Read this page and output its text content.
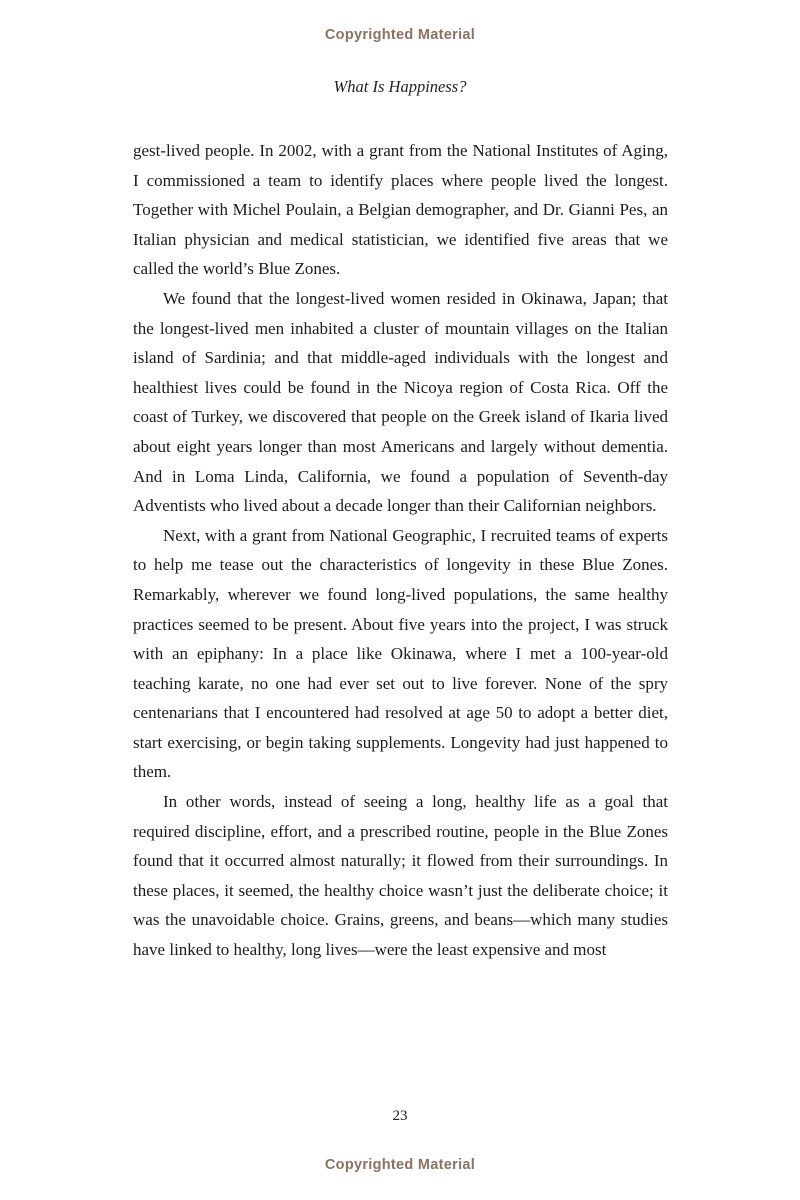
Copyrighted Material
What Is Happiness?

gest-lived people. In 2002, with a grant from the National Institutes of Aging, I commissioned a team to identify places where people lived the longest. Together with Michel Poulain, a Belgian demographer, and Dr. Gianni Pes, an Italian physician and medical statistician, we identified five areas that we called the world’s Blue Zones.

We found that the longest-lived women resided in Okinawa, Japan; that the longest-lived men inhabited a cluster of mountain villages on the Italian island of Sardinia; and that middle-aged individuals with the longest and healthiest lives could be found in the Nicoya region of Costa Rica. Off the coast of Turkey, we discovered that people on the Greek island of Ikaria lived about eight years longer than most Americans and largely without dementia. And in Loma Linda, California, we found a population of Seventh-day Adventists who lived about a decade longer than their Californian neighbors.

Next, with a grant from National Geographic, I recruited teams of experts to help me tease out the characteristics of longevity in these Blue Zones. Remarkably, wherever we found long-lived populations, the same healthy practices seemed to be present. About five years into the project, I was struck with an epiphany: In a place like Okinawa, where I met a 100-year-old teaching karate, no one had ever set out to live forever. None of the spry centenarians that I encountered had resolved at age 50 to adopt a better diet, start exercising, or begin taking supplements. Longevity had just happened to them.

In other words, instead of seeing a long, healthy life as a goal that required discipline, effort, and a prescribed routine, people in the Blue Zones found that it occurred almost naturally; it flowed from their surroundings. In these places, it seemed, the healthy choice wasn’t just the deliberate choice; it was the unavoidable choice. Grains, greens, and beans—which many studies have linked to healthy, long lives—were the least expensive and most

23
Copyrighted Material
